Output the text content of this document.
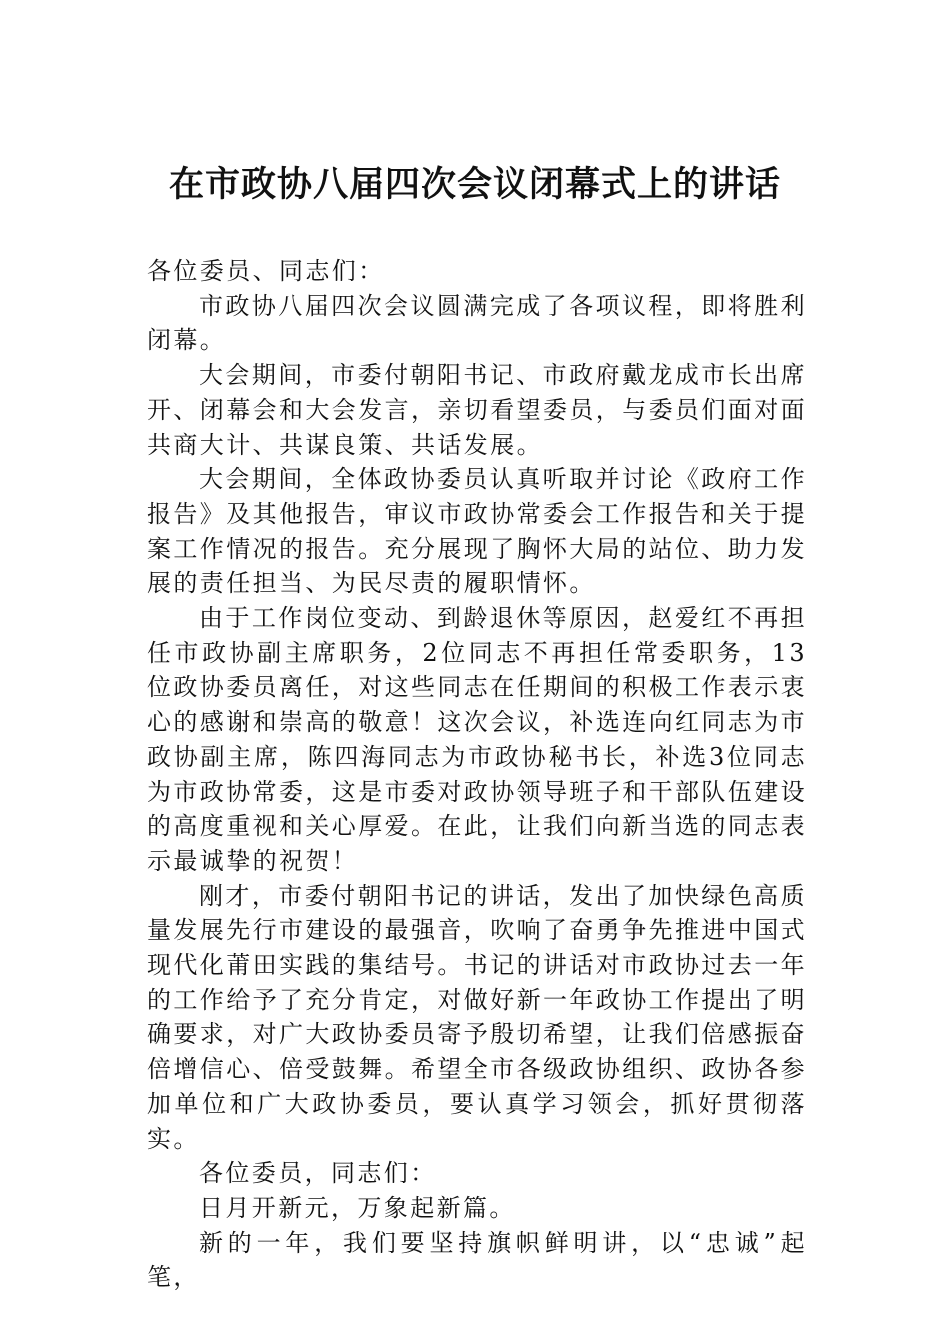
在市政协八届四次会议闭幕式上的讲话

各位委员、同志们：

市政协八届四次会议圆满完成了各项议程，即将胜利闭幕。

大会期间，市委付朝阳书记、市政府戴龙成市长出席开、闭幕会和大会发言，亲切看望委员，与委员们面对面共商大计、共谋良策、共话发展。

大会期间，全体政协委员认真听取并讨论《政府工作报告》及其他报告，审议市政协常委会工作报告和关于提案工作情况的报告。充分展现了胸怀大局的站位、助力发展的责任担当、为民尽责的履职情怀。

由于工作岗位变动、到龄退休等原因，赵爱红不再担任市政协副主席职务，2位同志不再担任常委职务，13位政协委员离任，对这些同志在任期间的积极工作表示衷心的感谢和崇高的敬意！这次会议，补选连向红同志为市政协副主席，陈四海同志为市政协秘书长，补选3位同志为市政协常委，这是市委对政协领导班子和干部队伍建设的高度重视和关心厚爱。在此，让我们向新当选的同志表示最诚挚的祝贺！

刚才，市委付朝阳书记的讲话，发出了加快绿色高质量发展先行市建设的最强音，吹响了奋勇争先推进中国式现代化莆田实践的集结号。书记的讲话对市政协过去一年的工作给予了充分肯定，对做好新一年政协工作提出了明确要求，对广大政协委员寄予殷切希望，让我们倍感振奋倍增信心、倍受鼓舞。希望全市各级政协组织、政协各参加单位和广大政协委员，要认真学习领会，抓好贯彻落实。

各位委员，同志们：

日月开新元，万象起新篇。

新的一年，我们要坚持旗帜鲜明讲，以“忠诚”起笔，
